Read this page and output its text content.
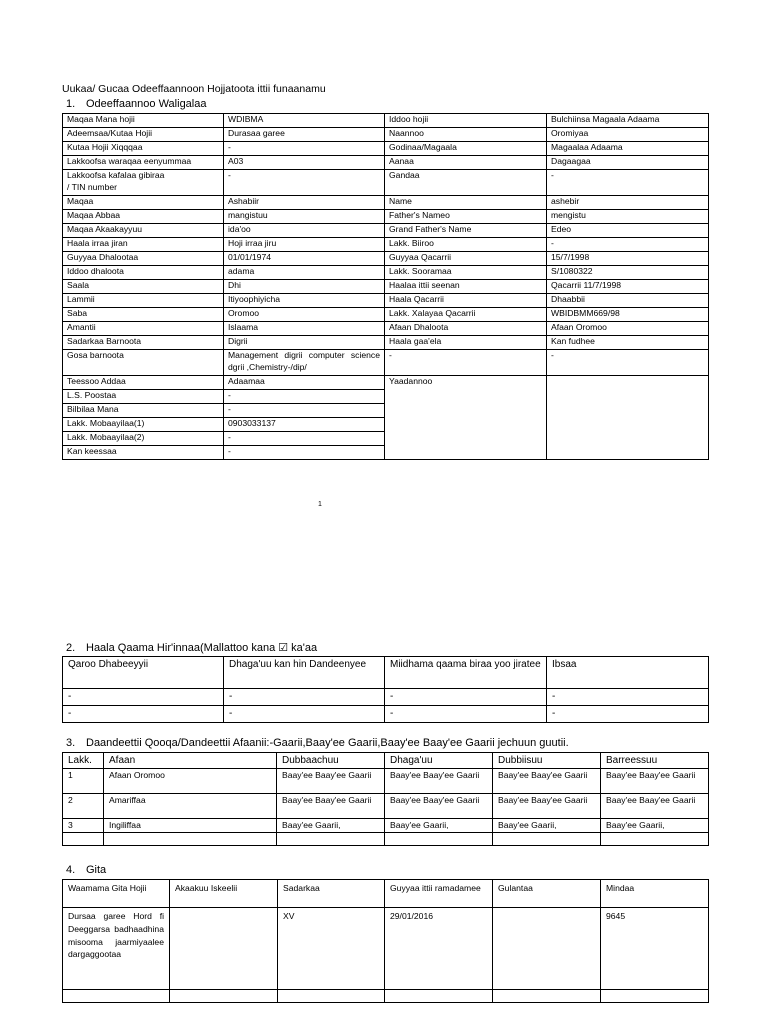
Uukaa/ Gucaa Odeeffaannoon Hojjatoota ittii funaanamu
1. Odeeffaannoo Waligalaa
Maqaa Mana hojii	WDIBMA	Iddoo hojii	Bulchiinsa Magaala Adaama
Adeemsaa/Kutaa Hojii	Durasaa garee	Naannoo	Oromiyaa
Kutaa Hojii Xiqqqaa	-	Godinaa/Magaala	Magaalaa Adaama
Lakkoofsa waraqaa eenyummaa	A03	Aanaa	Dagaagaa
Lakkoofsa kafalaa gibiraa
/ TIN number	-	Gandaa	-
Maqaa	Ashabiir	Name	ashebir
Maqaa Abbaa	mangistuu	Father's Nameo	mengistu
Maqaa Akaakayyuu	ida'oo	Grand Father's Name	Edeo
Haala irraa jiran	Hoji irraa jiru	Lakk. Biiroo	-
Guyyaa Dhalootaa	01/01/1974	Guyyaa Qacarrii	15/7/1998
Iddoo dhaloota	adama	Lakk. Sooramaa	S/1080322
Saala	Dhi	Haalaa ittii seenan	Qacarrii 11/7/1998
Lammii	Itiyoophiyicha	Haala Qacarrii	Dhaabbii
Saba	Oromoo	Lakk. Xalayaa Qacarrii	WBIDBMM669/98
Amantii	Islaama	Afaan Dhaloota	Afaan Oromoo
Sadarkaa Barnoota	Digrii	Haala gaa'ela	Kan fudhee
Gosa barnoota	Management digrii computer science dgrii ,Chemistry-/dip/	-	-
Teessoo Addaa	Adaamaa	Yaadannoo	
L.S. Poostaa	-		
Bilbilaa Mana	-		
Lakk. Mobaayilaa(1)	0903033137		
Lakk. Mobaayilaa(2)	-		
Kan keessaa	-		
1
2. Haala Qaama Hir'innaa(Mallattoo kana ☑ ka'aa
Qaroo Dhabeeyyii	Dhaga'uu kan hin Dandeenyee	Miidhama qaama biraa yoo jiratee	Ibsaa
-	-	-	-
-	-	-	-
3. Daandeettii Qooqa/Dandeettii Afaanii:-Gaarii,Baay'ee Gaarii,Baay'ee Baay'ee Gaarii jechuun guutii.
Lakk.	Afaan	Dubbaachuu	Dhaga'uu	Dubbiisuu	Barreessuu
1	Afaan Oromoo	Baay'ee Baay'ee Gaarii	Baay'ee Baay'ee Gaarii	Baay'ee Baay'ee Gaarii	Baay'ee Baay'ee Gaarii
2	Amariffaa	Baay'ee Baay'ee Gaarii	Baay'ee Baay'ee Gaarii	Baay'ee Baay'ee Gaarii	Baay'ee Baay'ee Gaarii
3	Ingiliffaa	Baay'ee Gaarii,	Baay'ee Gaarii,	Baay'ee Gaarii,	Baay'ee Gaarii,

4. Gita
Waamama Gita Hojii	Akaakuu Iskeelii	Sadarkaa	Guyyaa ittii ramadamee	Gulantaa	Mindaa
Dursaa garee Hord fi Deeggarsa badhaadhina misooma jaarmiyaalee dargaggootaa		XV	29/01/2016		9645
